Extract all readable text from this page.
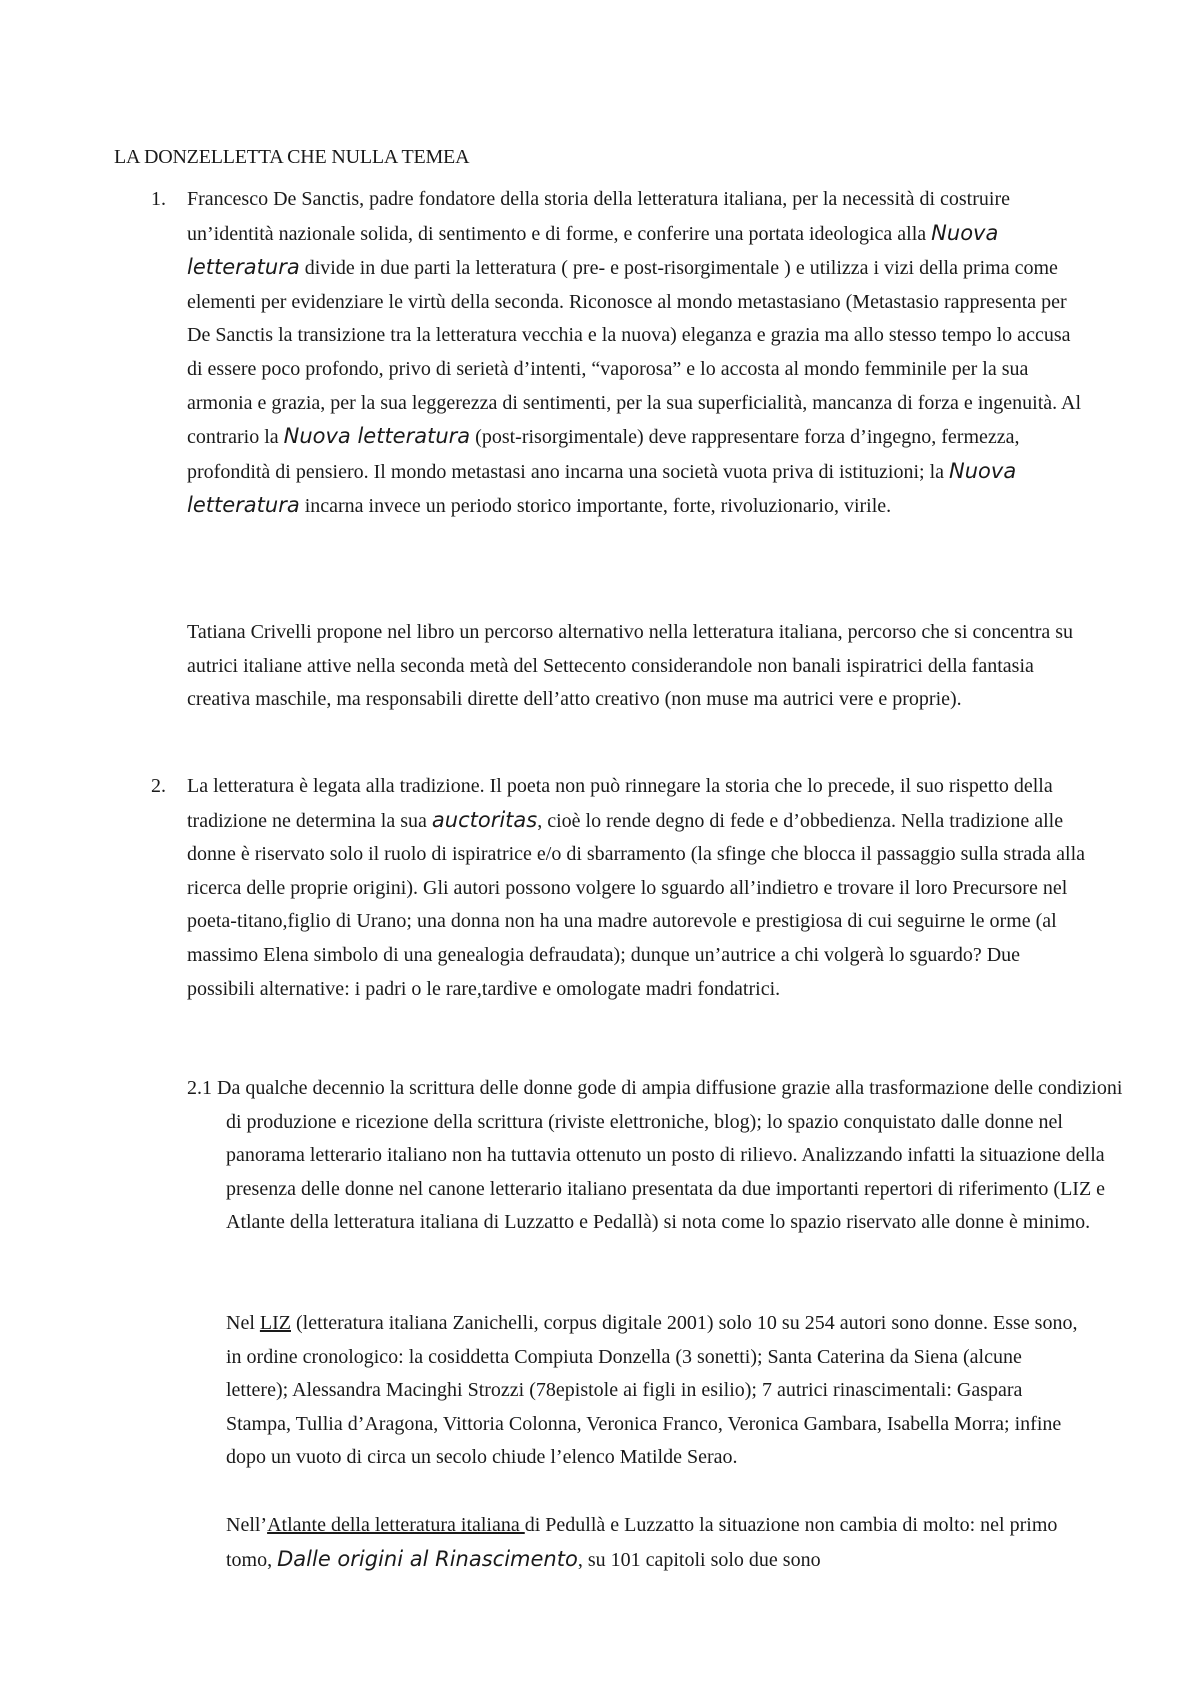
LA DONZELLETTA CHE NULLA TEMEA
1. Francesco De Sanctis, padre fondatore della storia della letteratura italiana, per la necessità di costruire un’identità nazionale solida, di sentimento e di forme, e conferire una portata ideologica alla Nuova letteratura divide in due parti la letteratura ( pre- e post-risorgimentale ) e utilizza i vizi della prima come elementi per evidenziare le virtù della seconda. Riconosce al mondo metastasiano (Metastasio rappresenta per De Sanctis la transizione tra la letteratura vecchia e la nuova) eleganza e grazia ma allo stesso tempo lo accusa di essere poco profondo, privo di serietà d’intenti, “vaporosa” e lo accosta al mondo femminile per la sua armonia e grazia, per la sua leggerezza di sentimenti, per la sua superficialità, mancanza di forza e ingenuità. Al contrario la Nuova letteratura (post-risorgimentale) deve rappresentare forza d’ingegno, fermezza, profondità di pensiero. Il mondo metastasi ano incarna una società vuota priva di istituzioni; la Nuova letteratura incarna invece un periodo storico importante, forte, rivoluzionario, virile.

Tatiana Crivelli propone nel libro un percorso alternativo nella letteratura italiana, percorso che si concentra su autrici italiane attive nella seconda metà del Settecento considerandole non banali ispiratrici della fantasia creativa maschile, ma responsabili dirette dell’atto creativo (non muse ma autrici vere e proprie).

2. La letteratura è legata alla tradizione. Il poeta non può rinnegare la storia che lo precede, il suo rispetto della tradizione ne determina la sua auctoritas, cioè lo rende degno di fede e d’obbedienza. Nella tradizione alle donne è riservato solo il ruolo di ispiratrice e/o di sbarramento (la sfinge che blocca il passaggio sulla strada alla ricerca delle proprie origini). Gli autori possono volgere lo sguardo all’indietro e trovare il loro Precursore nel poeta-titano,figlio di Urano; una donna non ha una madre autorevole e prestigiosa di cui seguirne le orme (al massimo Elena simbolo di una genealogia defraudata); dunque un’autrice a chi volgerà lo sguardo? Due possibili alternative: i padri o le rare,tardive e omologate madri fondatrici.

2.1 Da qualche decennio la scrittura delle donne gode di ampia diffusione grazie alla trasformazione delle condizioni di produzione e ricezione della scrittura (riviste elettroniche, blog); lo spazio conquistato dalle donne nel panorama letterario italiano non ha tuttavia ottenuto un posto di rilievo. Analizzando infatti la situazione della presenza delle donne nel canone letterario italiano presentata da due importanti repertori di riferimento (LIZ e Atlante della letteratura italiana di Luzzatto e Pedallà) si nota come lo spazio riservato alle donne è minimo.

Nel LIZ (letteratura italiana Zanichelli, corpus digitale 2001) solo 10 su 254 autori sono donne. Esse sono, in ordine cronologico: la cosiddetta Compiuta Donzella (3 sonetti); Santa Caterina da Siena (alcune lettere); Alessandra Macinghi Strozzi (78epistole ai figli in esilio); 7 autrici rinascimentali: Gaspara Stampa, Tullia d’Aragona, Vittoria Colonna, Veronica Franco, Veronica Gambara, Isabella Morra; infine dopo un vuoto di circa un secolo chiude l’elenco Matilde Serao.

Nell’Atlante della letteratura italiana di Pedullà e Luzzatto la situazione non cambia di molto: nel primo tomo, Dalle origini al Rinascimento, su 101 capitoli solo due sono
